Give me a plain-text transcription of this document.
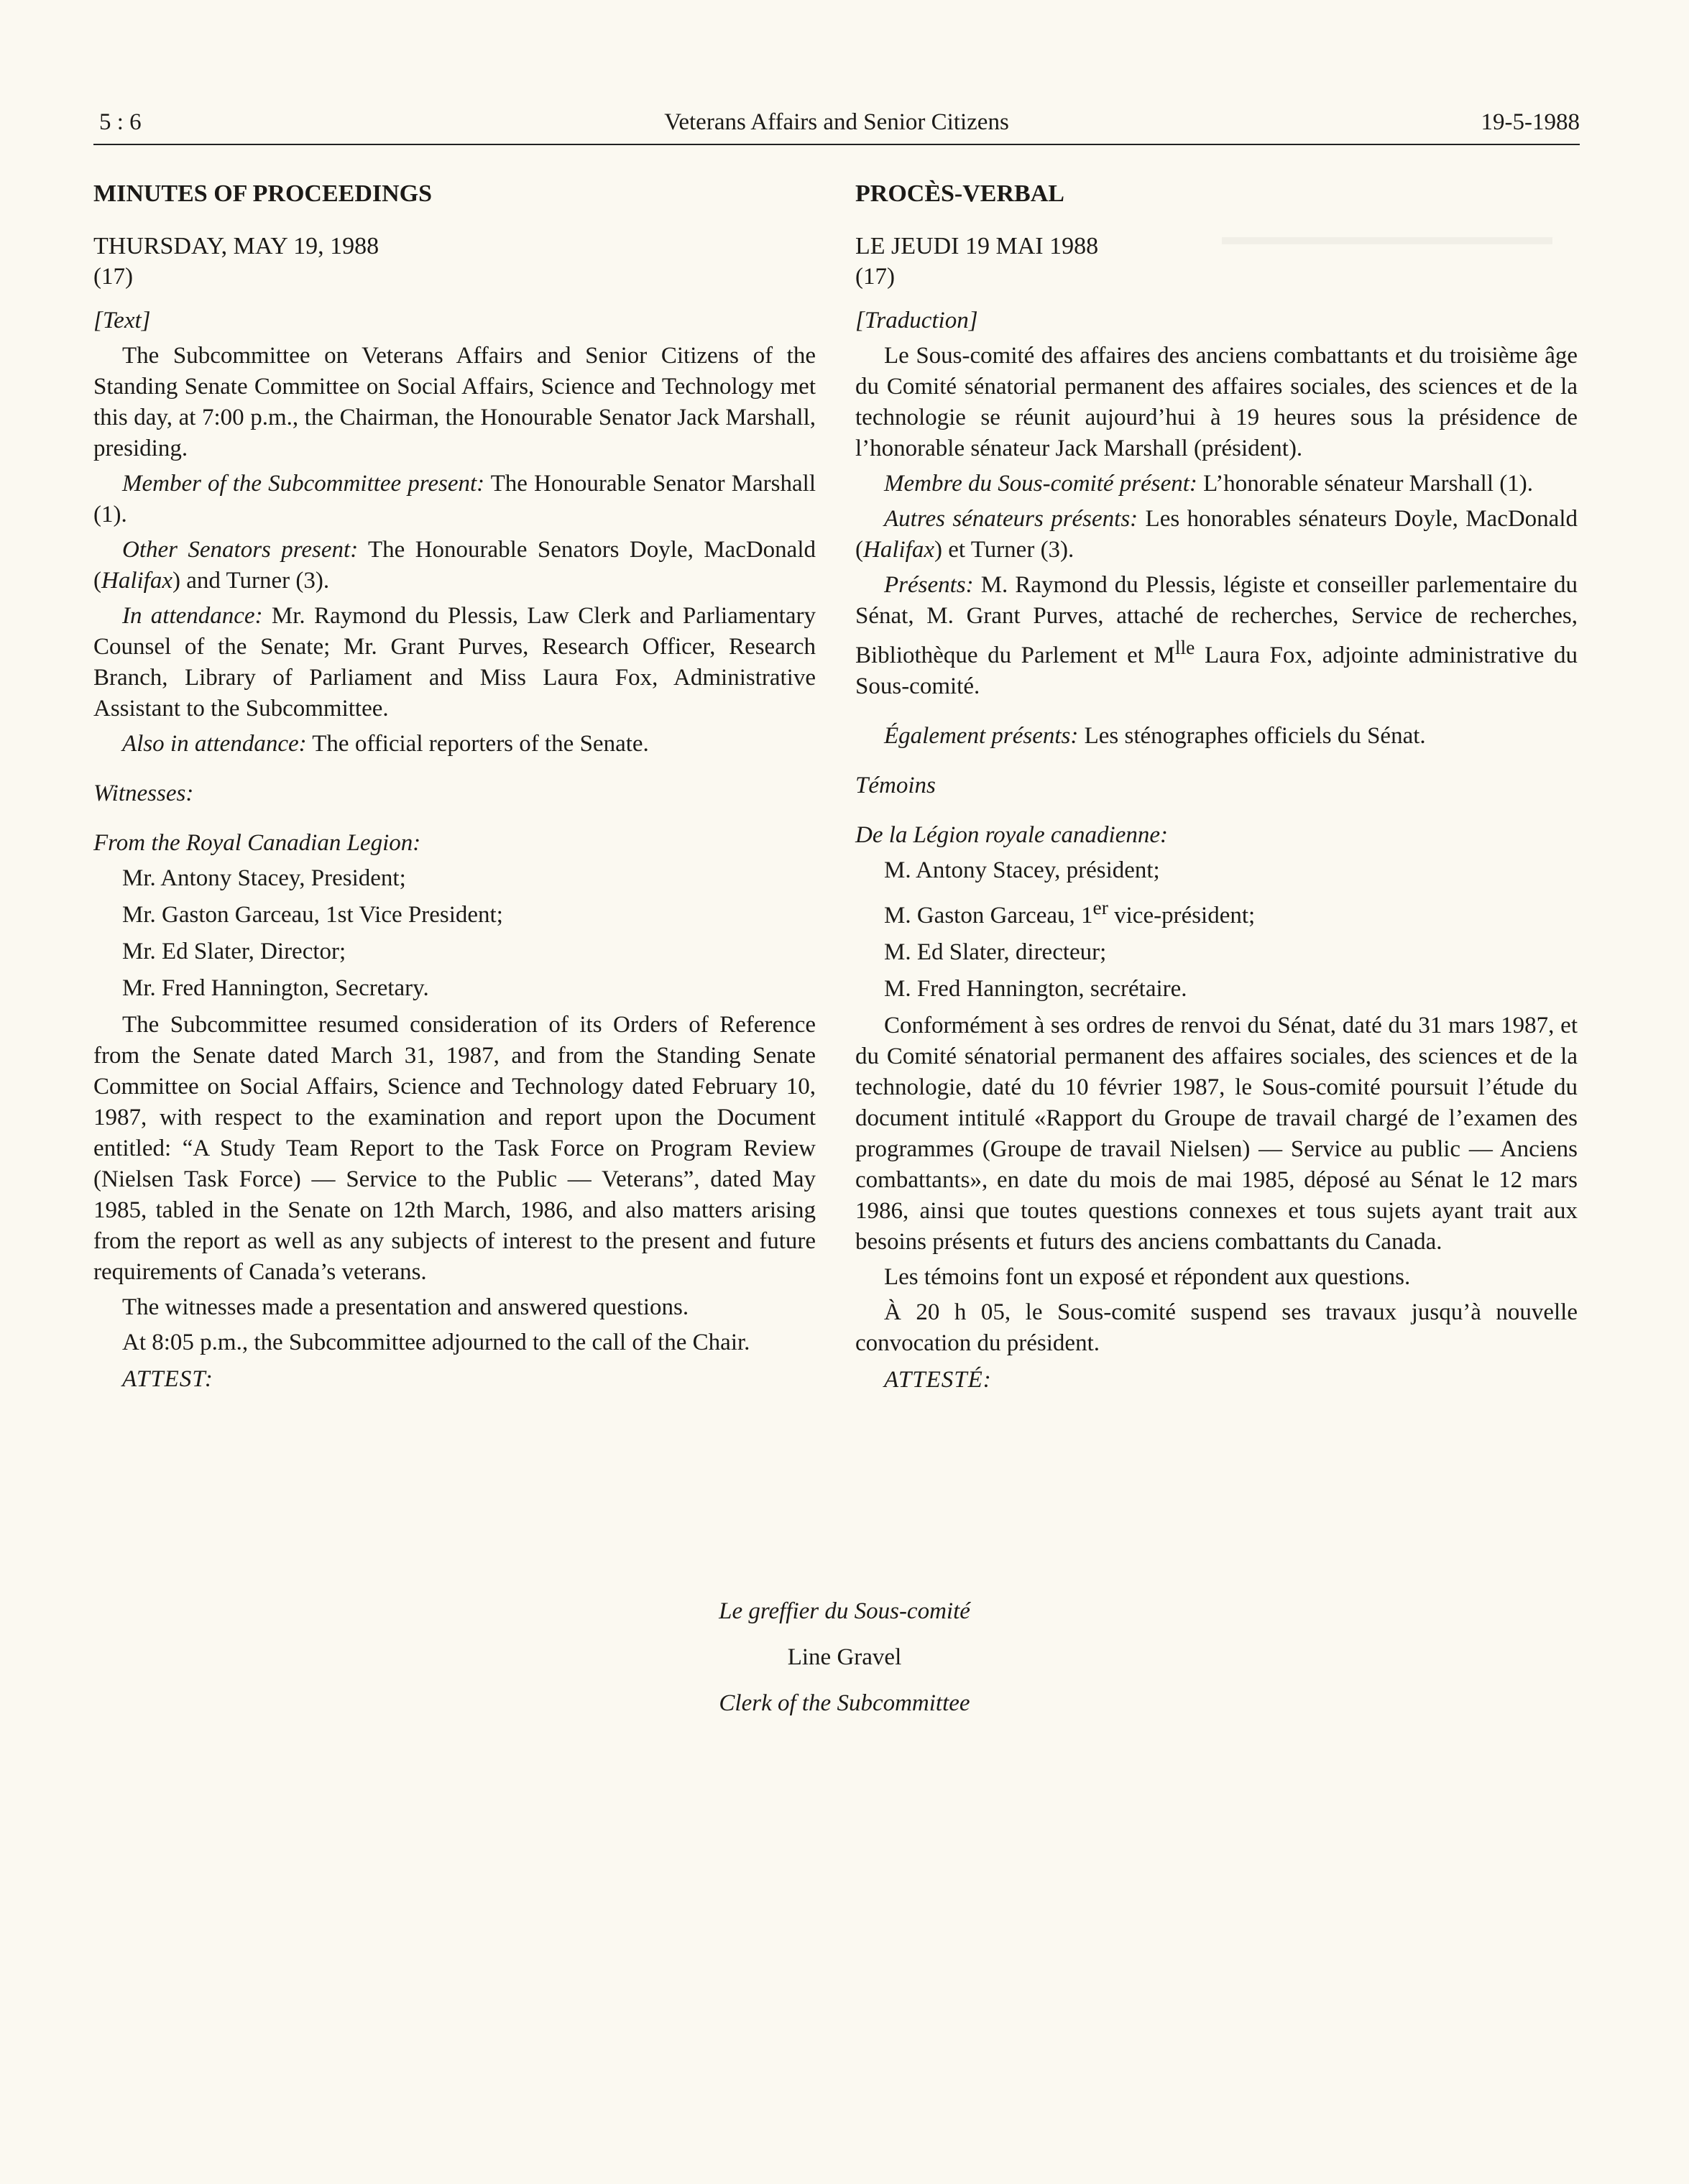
5 : 6	Veterans Affairs and Senior Citizens	19-5-1988
MINUTES OF PROCEEDINGS
THURSDAY, MAY 19, 1988
(17)
[Text]

The Subcommittee on Veterans Affairs and Senior Citizens of the Standing Senate Committee on Social Affairs, Science and Technology met this day, at 7:00 p.m., the Chairman, the Honourable Senator Jack Marshall, presiding.

Member of the Subcommittee present: The Honourable Senator Marshall (1).

Other Senators present: The Honourable Senators Doyle, MacDonald (Halifax) and Turner (3).

In attendance: Mr. Raymond du Plessis, Law Clerk and Parliamentary Counsel of the Senate; Mr. Grant Purves, Research Officer, Research Branch, Library of Parliament and Miss Laura Fox, Administrative Assistant to the Subcommittee.

Also in attendance: The official reporters of the Senate.

Witnesses:
From the Royal Canadian Legion:
Mr. Antony Stacey, President;
Mr. Gaston Garceau, 1st Vice President;
Mr. Ed Slater, Director;
Mr. Fred Hannington, Secretary.

The Subcommittee resumed consideration of its Orders of Reference from the Senate dated March 31, 1987, and from the Standing Senate Committee on Social Affairs, Science and Technology dated February 10, 1987, with respect to the examination and report upon the Document entitled: “A Study Team Report to the Task Force on Program Review (Nielsen Task Force) — Service to the Public — Veterans”, dated May 1985, tabled in the Senate on 12th March, 1986, and also matters arising from the report as well as any subjects of interest to the present and future requirements of Canada’s veterans.

The witnesses made a presentation and answered questions.

At 8:05 p.m., the Subcommittee adjourned to the call of the Chair.

ATTEST:
PROCÈS-VERBAL
LE JEUDI 19 MAI 1988
(17)
[Traduction]

Le Sous-comité des affaires des anciens combattants et du troisième âge du Comité sénatorial permanent des affaires sociales, des sciences et de la technologie se réunit aujourd’hui à 19 heures sous la présidence de l’honorable sénateur Jack Marshall (président).

Membre du Sous-comité présent: L’honorable sénateur Marshall (1).

Autres sénateurs présents: Les honorables sénateurs Doyle, MacDonald (Halifax) et Turner (3).

Présents: M. Raymond du Plessis, légiste et conseiller parlementaire du Sénat, M. Grant Purves, attaché de recherches, Service de recherches, Bibliothèque du Parlement et $M^{lle}$ Laura Fox, adjointe administrative du Sous-comité.

Également présents: Les sténographes officiels du Sénat.

Témoins
De la Légion royale canadienne:
M. Antony Stacey, président;
M. Gaston Garceau, 1er vice-président;
M. Ed Slater, directeur;
M. Fred Hannington, secrétaire.

Conformément à ses ordres de renvoi du Sénat, daté du 31 mars 1987, et du Comité sénatorial permanent des affaires sociales, des sciences et de la technologie, daté du 10 février 1987, le Sous-comité poursuit l’étude du document intitulé «Rapport du Groupe de travail chargé de l’examen des programmes (Groupe de travail Nielsen) — Service au public — Anciens combattants», en date du mois de mai 1985, déposé au Sénat le 12 mars 1986, ainsi que toutes questions connexes et tous sujets ayant trait aux besoins présents et futurs des anciens combattants du Canada.

Les témoins font un exposé et répondent aux questions.

À 20 h 05, le Sous-comité suspend ses travaux jusqu’à nouvelle convocation du président.

ATTESTÉ:
Le greffier du Sous-comité
Line Gravel
Clerk of the Subcommittee
